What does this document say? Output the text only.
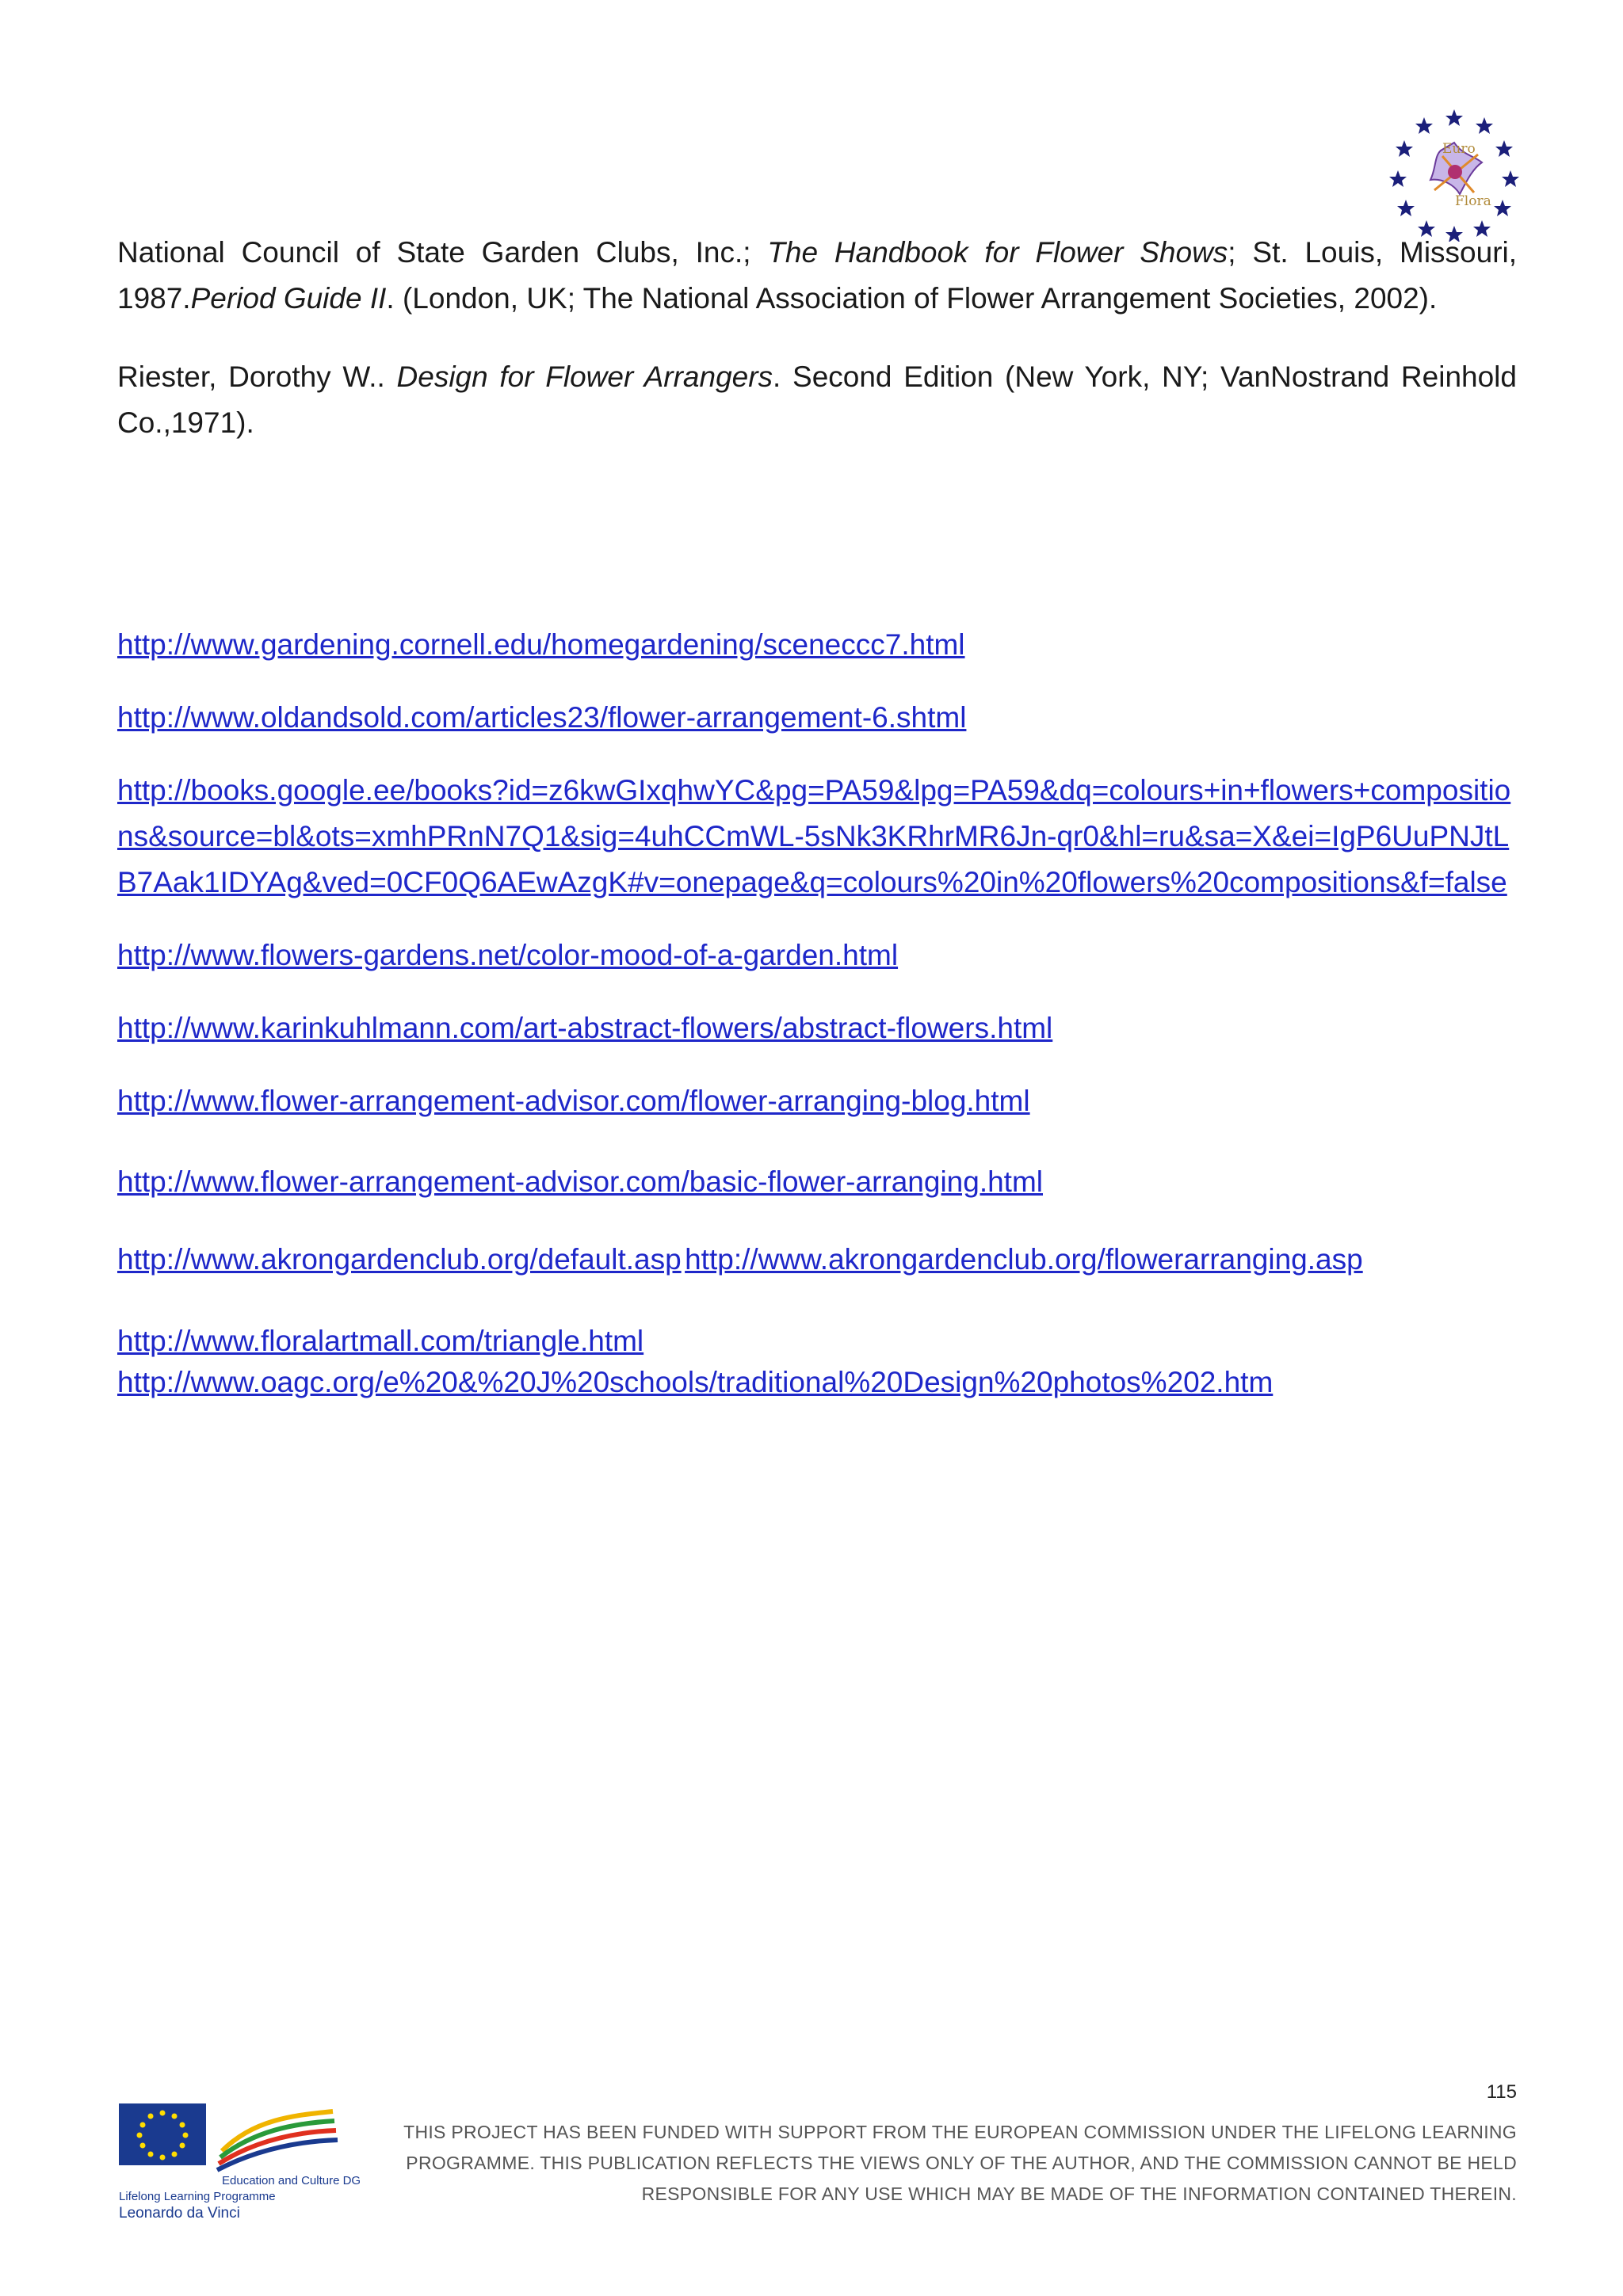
Euro
Flora

National Council of State Garden Clubs, Inc.; The Handbook for Flower Shows; St. Louis, Missouri, 1987.Period Guide II. (London, UK; The National Association of Flower Arrangement Societies, 2002).

Riester, Dorothy W.. Design for Flower Arrangers. Second Edition (New York, NY; VanNostrand Reinhold Co.,1971).

http://www.gardening.cornell.edu/homegardening/sceneccc7.html
http://www.oldandsold.com/articles23/flower-arrangement-6.shtml
http://books.google.ee/books?id=z6kwGIxqhwYC&pg=PA59&lpg=PA59&dq=colours+in+flowers+compositions&source=bl&ots=xmhPRnN7Q1&sig=4uhCCmWL-5sNk3KRhrMR6Jn-qr0&hl=ru&sa=X&ei=IgP6UuPNJtLB7Aak1IDYAg&ved=0CF0Q6AEwAzgK#v=onepage&q=colours%20in%20flowers%20compositions&f=false
http://www.flowers-gardens.net/color-mood-of-a-garden.html
http://www.karinkuhlmann.com/art-abstract-flowers/abstract-flowers.html
http://www.flower-arrangement-advisor.com/flower-arranging-blog.html
http://www.flower-arrangement-advisor.com/basic-flower-arranging.html
http://www.akrongardenclub.org/default.asp http://www.akrongardenclub.org/flowerarranging.asp
http://www.floralartmall.com/triangle.html
http://www.oagc.org/e%20&%20J%20schools/traditional%20Design%20photos%202.htm
115
Education and Culture DG
Lifelong Learning Programme
Leonardo da Vinci

THIS PROJECT HAS BEEN FUNDED WITH SUPPORT FROM THE EUROPEAN COMMISSION UNDER THE LIFELONG LEARNING
PROGRAMME. THIS PUBLICATION REFLECTS THE VIEWS ONLY OF THE AUTHOR, AND THE COMMISSION CANNOT BE HELD
RESPONSIBLE FOR ANY USE WHICH MAY BE MADE OF THE INFORMATION CONTAINED THEREIN.
